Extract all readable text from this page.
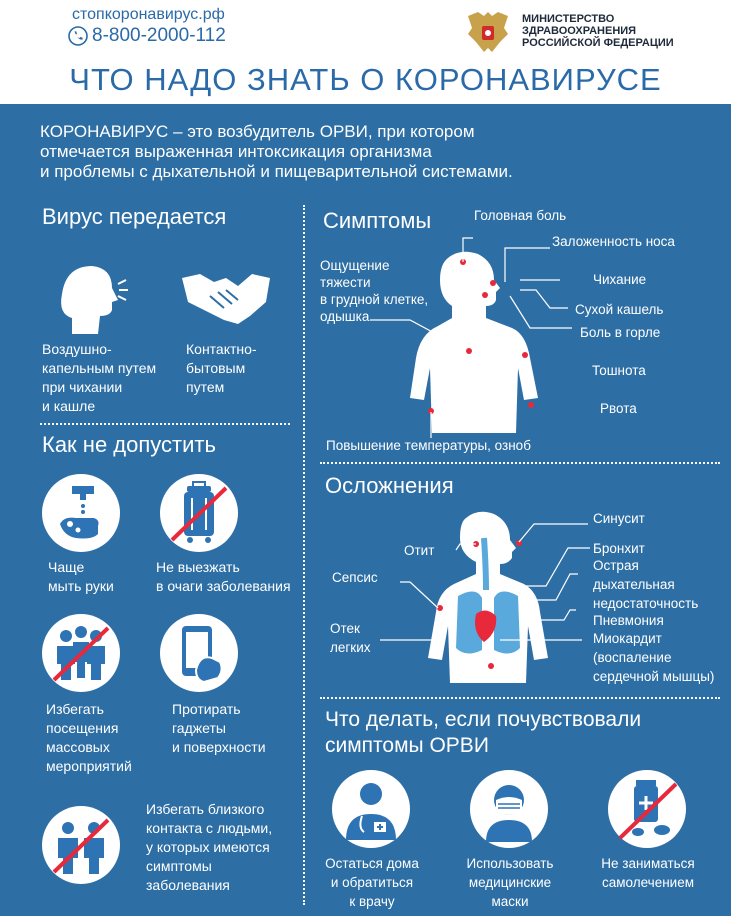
стопкоронавирус.рф
8-800-2000-112
МИНИСТЕРСТВО
ЗДРАВООХРАНЕНИЯ
РОССИЙСКОЙ ФЕДЕРАЦИИ
ЧТО НАДО ЗНАТЬ О КОРОНАВИРУСЕ
КОРОНАВИРУС – это возбудитель ОРВИ, при котором
отмечается выраженная интоксикация организма
и проблемы с дыхательной и пищеварительной системами.
Вирус передается
Воздушно-
капельным путем
при чихании
и кашле
Контактно-
бытовым
путем
Как не допустить
Чаще
мыть руки
Не выезжать
в очаги заболевания
Избегать
посещения
массовых
мероприятий
Протирать
гаджеты
и поверхности
Избегать близкого
контакта с людьми,
у которых имеются
симптомы
заболевания
Симптомы	Головная боль
Заложенность носа
Ощущение
тяжести
в грудной клетке,
одышка
Чихание
Сухой кашель
Боль в горле
Тошнота
Рвота
Повышение температуры, озноб
Осложнения
Синусит
Отит	Бронхит
Острая
дыхательная
недостаточность
Сепсис
Пневмония
Отек
легких
Миокардит
(воспаление
сердечной мышцы)
Что делать, если почувствовали
симптомы ОРВИ
Остаться дома
и обратиться
к врачу
Использовать
медицинские
маски
Не заниматься
самолечением
